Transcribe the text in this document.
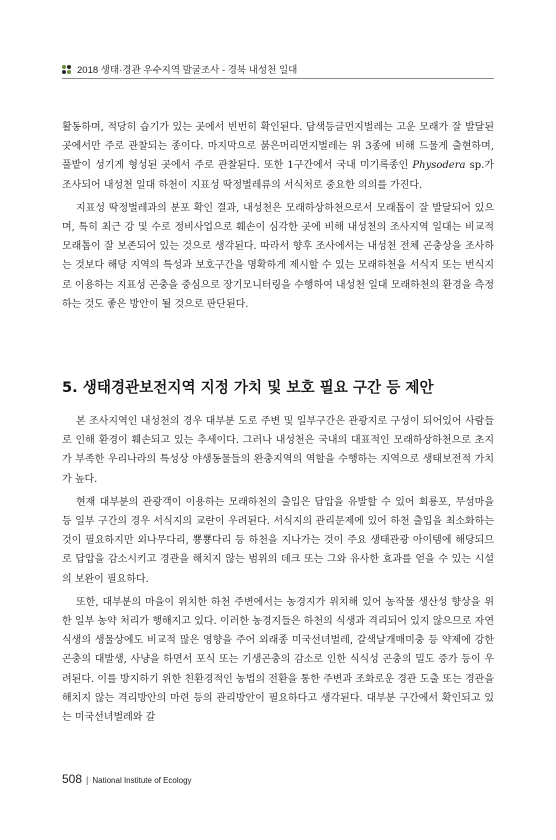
2018 생태·경관 우수지역 발굴조사 - 경북 내성천 일대

활동하며, 적당히 습기가 있는 곳에서 빈번히 확인된다. 담색등글먼지벌레는 고운 모래가 잘 발달된 곳에서만 주로 관찰되는 종이다. 마지막으로 붉은머리먼지벌레는 위 3종에 비해 드물게 출현하며, 풀밭이 성기게 형성된 곳에서 주로 관찰된다. 또한 1구간에서 국내 미기록종인 Physodera sp.가 조사되어 내성천 일대 하천이 지표성 딱정벌레류의 서식처로 중요한 의의를 가진다.

지표성 딱정벌레과의 분포 확인 결과, 내성천은 모래하상하천으로서 모래톱이 잘 발달되어 있으며, 특히 최근 강 및 수로 정비사업으로 훼손이 심각한 곳에 비해 내성천의 조사지역 일대는 비교적 모래톱이 잘 보존되어 있는 것으로 생각된다. 따라서 향후 조사에서는 내성천 전체 곤충상을 조사하는 것보다 해당 지역의 특성과 보호구간을 명확하게 제시할 수 있는 모래하천을 서식지 또는 번식지로 이용하는 지표성 곤충을 중심으로 장기모니터링을 수행하여 내성천 일대 모래하천의 환경을 측정하는 것도 좋은 방안이 될 것으로 판단된다.

5. 생태경관보전지역 지정 가치 및 보호 필요 구간 등 제안

본 조사지역인 내성천의 경우 대부분 도로 주변 및 일부구간은 관광지로 구성이 되어있어 사람들로 인해 환경이 훼손되고 있는 추세이다. 그러나 내성천은 국내의 대표적인 모래하상하천으로 초지가 부족한 우리나라의 특성상 야생동물들의 완충지역의 역할을 수행하는 지역으로 생태보전적 가치가 높다.

현재 대부분의 관광객이 이용하는 모래하천의 출입은 답압을 유발할 수 있어 회룡포, 무섬마을 등 일부 구간의 경우 서식지의 교란이 우려된다. 서식지의 관리문제에 있어 하천 출입을 최소화하는 것이 필요하지만 외나무다리, 뿅뿅다리 등 하천을 지나가는 것이 주요 생태관광 아이템에 해당되므로 답압을 감소시키고 경관을 해치지 않는 범위의 데크 또는 그와 유사한 효과를 얻을 수 있는 시설의 보완이 필요하다.

또한, 대부분의 마을이 위치한 하천 주변에서는 농경지가 위치해 있어 농작물 생산성 향상을 위한 일부 농약 처리가 행해지고 있다. 이러한 농경지들은 하천의 식생과 격리되어 있지 않으므로 자연식생의 생물상에도 비교적 많은 영향을 주어 외래종 미국선녀벌레, 갈색날개매미충 등 약제에 강한 곤충의 대발생, 사냥을 하면서 포식 또는 기생곤충의 감소로 인한 식식성 곤충의 밀도 증가 등이 우려된다. 이를 방지하기 위한 친환경적인 농법의 전환을 통한 주변과 조화로운 경관 도출 또는 경관을 해치지 않는 격리방안의 마련 등의 관리방안이 필요하다고 생각된다. 대부분 구간에서 확인되고 있는 미국선녀벌레와 갈

508 | National Institute of Ecology
